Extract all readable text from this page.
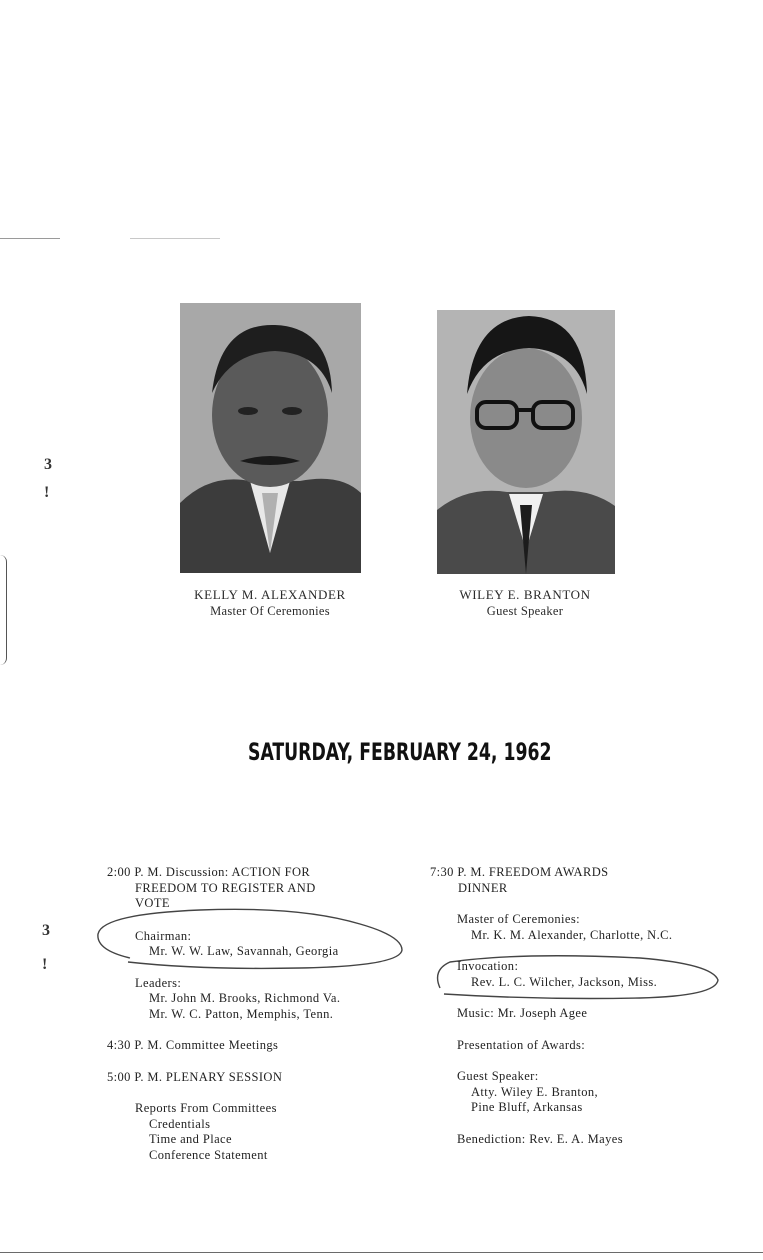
3
!
3
!
KELLY M. ALEXANDER
Master Of Ceremonies
WILEY E. BRANTON
Guest Speaker
SATURDAY, FEBRUARY 24, 1962
2:00 P. M. Discussion: ACTION FOR
FREEDOM TO REGISTER AND
VOTE
Chairman:
Mr. W. W. Law, Savannah, Georgia
Leaders:
Mr. John M. Brooks, Richmond Va.
Mr. W. C. Patton, Memphis, Tenn.
4:30 P. M. Committee Meetings
5:00 P. M. PLENARY SESSION
Reports From Committees
Credentials
Time and Place
Conference Statement
7:30 P. M. FREEDOM AWARDS
DINNER
Master of Ceremonies:
Mr. K. M. Alexander, Charlotte, N.C.
Invocation:
Rev. L. C. Wilcher, Jackson, Miss.
Music: Mr. Joseph Agee
Presentation of Awards:
Guest Speaker:
Atty. Wiley E. Branton,
Pine Bluff, Arkansas
Benediction: Rev. E. A. Mayes
